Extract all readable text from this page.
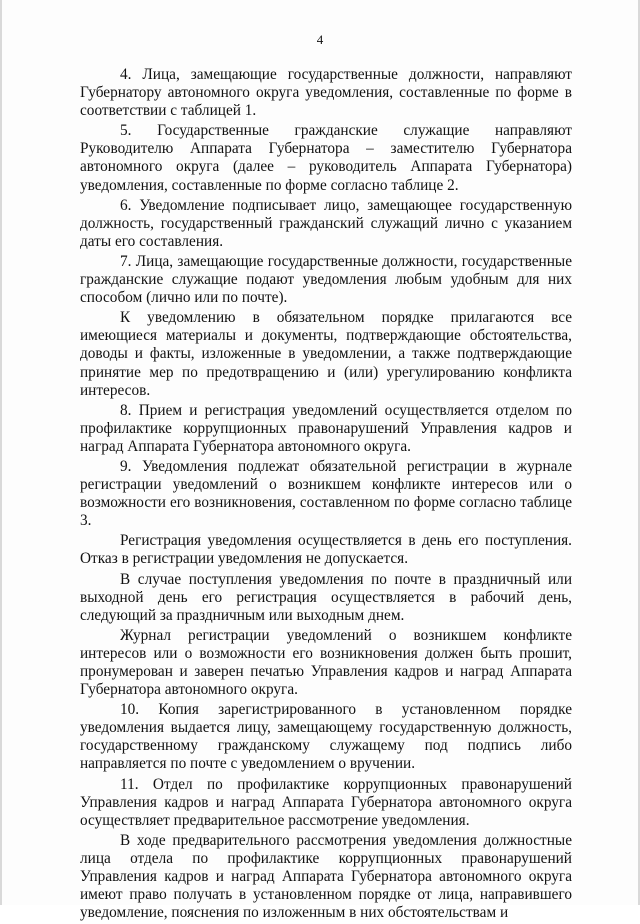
4

4. Лица, замещающие государственные должности, направляют Губернатору автономного округа уведомления, составленные по форме в соответствии с таблицей 1.

5. Государственные гражданские служащие направляют Руководителю Аппарата Губернатора – заместителю Губернатора автономного округа (далее – руководитель Аппарата Губернатора) уведомления, составленные по форме согласно таблице 2.

6. Уведомление подписывает лицо, замещающее государственную должность, государственный гражданский служащий лично с указанием даты его составления.

7. Лица, замещающие государственные должности, государственные гражданские служащие подают уведомления любым удобным для них способом (лично или по почте).

К уведомлению в обязательном порядке прилагаются все имеющиеся материалы и документы, подтверждающие обстоятельства, доводы и факты, изложенные в уведомлении, а также подтверждающие принятие мер по предотвращению и (или) урегулированию конфликта интересов.

8. Прием и регистрация уведомлений осуществляется отделом по профилактике коррупционных правонарушений Управления кадров и наград Аппарата Губернатора автономного округа.

9. Уведомления подлежат обязательной регистрации в журнале регистрации уведомлений о возникшем конфликте интересов или о возможности его возникновения, составленном по форме согласно таблице 3.

Регистрация уведомления осуществляется в день его поступления. Отказ в регистрации уведомления не допускается.

В случае поступления уведомления по почте в праздничный или выходной день его регистрация осуществляется в рабочий день, следующий за праздничным или выходным днем.

Журнал регистрации уведомлений о возникшем конфликте интересов или о возможности его возникновения должен быть прошит, пронумерован и заверен печатью Управления кадров и наград Аппарата Губернатора автономного округа.

10. Копия зарегистрированного в установленном порядке уведомления выдается лицу, замещающему государственную должность, государственному гражданскому служащему под подпись либо направляется по почте с уведомлением о вручении.

11. Отдел по профилактике коррупционных правонарушений Управления кадров и наград Аппарата Губернатора автономного округа осуществляет предварительное рассмотрение уведомления.

В ходе предварительного рассмотрения уведомления должностные лица отдела по профилактике коррупционных правонарушений Управления кадров и наград Аппарата Губернатора автономного округа имеют право получать в установленном порядке от лица, направившего уведомление, пояснения по изложенным в них обстоятельствам и
